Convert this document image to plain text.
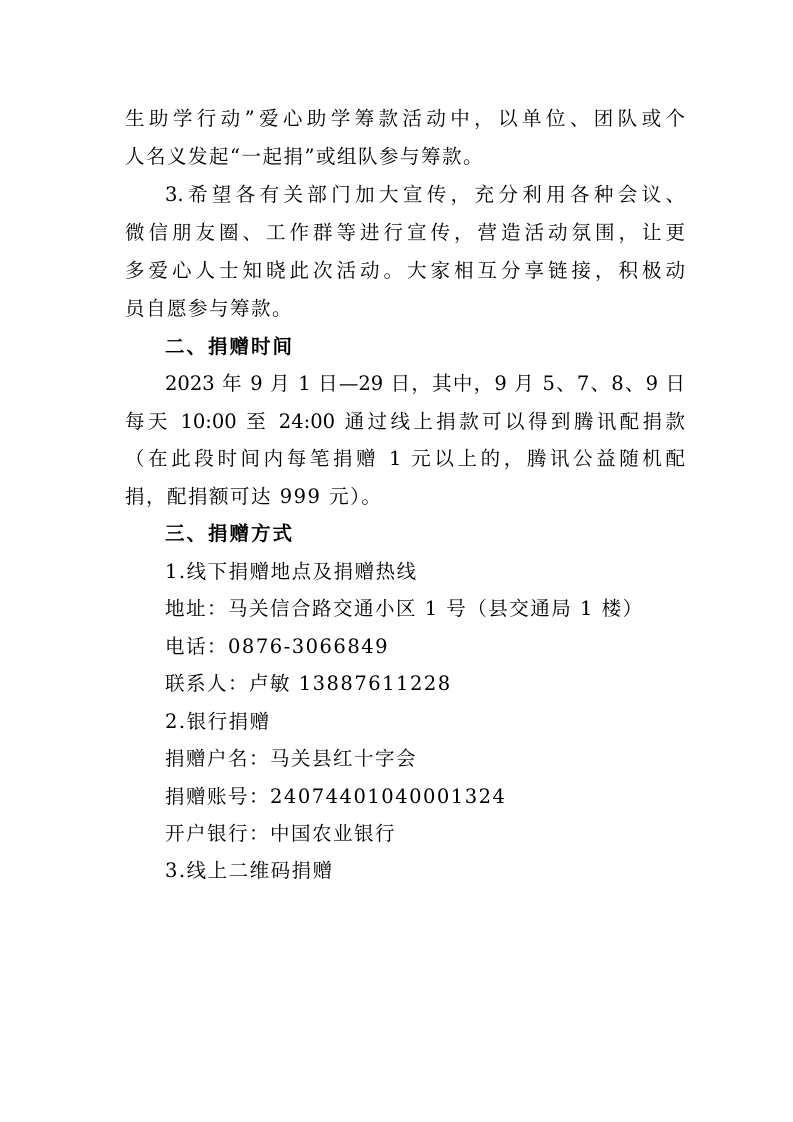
生助学行动”爱心助学筹款活动中，以单位、团队或个
人名义发起“一起捐”或组队参与筹款。
3.希望各有关部门加大宣传，充分利用各种会议、
微信朋友圈、工作群等进行宣传，营造活动氛围，让更
多爱心人士知晓此次活动。大家相互分享链接，积极动
员自愿参与筹款。
二、捐赠时间
2023 年 9 月 1 日—29 日，其中，9 月 5、7、8、9 日
每天 10:00 至 24:00 通过线上捐款可以得到腾讯配捐款
（在此段时间内每笔捐赠 1 元以上的，腾讯公益随机配
捐，配捐额可达 999 元）。
三、捐赠方式
1.线下捐赠地点及捐赠热线
地址：马关信合路交通小区 1 号（县交通局 1 楼）
电话：0876-3066849
联系人：卢敏 13887611228
2.银行捐赠
捐赠户名：马关县红十字会
捐赠账号：24074401040001324
开户银行：中国农业银行
3.线上二维码捐赠
